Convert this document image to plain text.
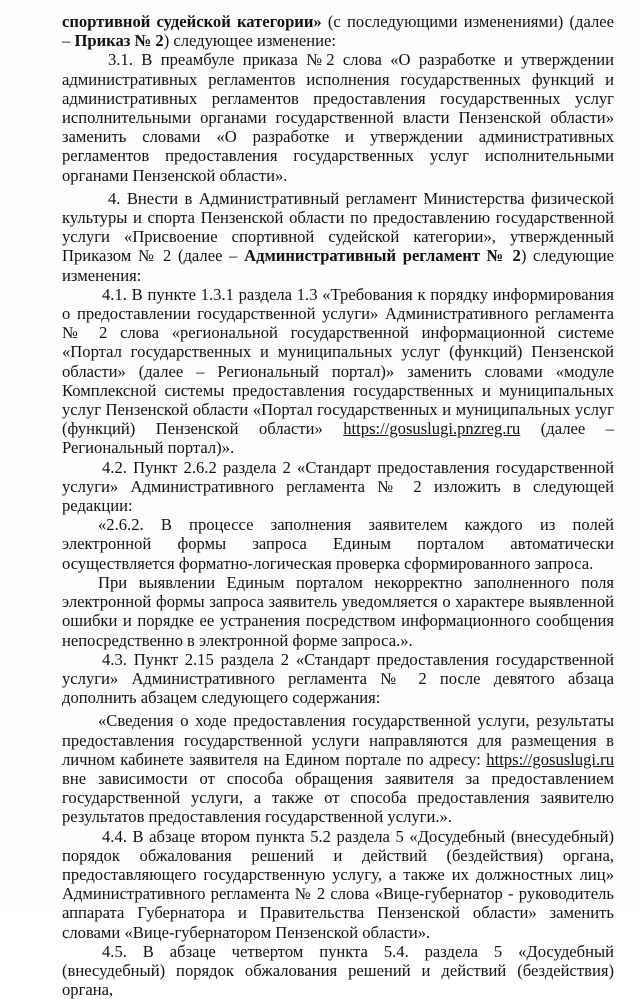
спортивной судейской категории» (с последующими изменениями) (далее – Приказ № 2) следующее изменение:

3.1. В преамбуле приказа №2 слова «О разработке и утверждении административных регламентов исполнения государственных функций и административных регламентов предоставления государственных услуг исполнительными органами государственной власти Пензенской области» заменить словами «О разработке и утверждении административных регламентов предоставления государственных услуг исполнительными органами Пензенской области».

4. Внести в Административный регламент Министерства физической культуры и спорта Пензенской области по предоставлению государственной услуги «Присвоение спортивной судейской категории», утвержденный Приказом № 2 (далее – Административный регламент № 2) следующие изменения:

4.1. В пункте 1.3.1 раздела 1.3 «Требования к порядку информирования о предоставлении государственной услуги» Административного регламента № 2 слова «региональной государственной информационной системе «Портал государственных и муниципальных услуг (функций) Пензенской области» (далее – Региональный портал)» заменить словами «модуле Комплексной системы предоставления государственных и муниципальных услуг Пензенской области «Портал государственных и муниципальных услуг (функций) Пензенской области» https://gosuslugi.pnzreg.ru (далее – Региональный портал)».

4.2. Пункт 2.6.2 раздела 2 «Стандарт предоставления государственной услуги» Административного регламента № 2 изложить в следующей редакции:

«2.6.2. В процессе заполнения заявителем каждого из полей электронной формы запроса Единым порталом автоматически осуществляется форматно-логическая проверка сформированного запроса.

При выявлении Единым порталом некорректно заполненного поля электронной формы запроса заявитель уведомляется о характере выявленной ошибки и порядке ее устранения посредством информационного сообщения непосредственно в электронной форме запроса.».

4.3. Пункт 2.15 раздела 2 «Стандарт предоставления государственной услуги» Административного регламента № 2 после девятого абзаца дополнить абзацем следующего содержания:

«Сведения о ходе предоставления государственной услуги, результаты предоставления государственной услуги направляются для размещения в личном кабинете заявителя на Едином портале по адресу: https://gosuslugi.ru вне зависимости от способа обращения заявителя за предоставлением государственной услуги, а также от способа предоставления заявителю результатов предоставления государственной услуги.».

4.4. В абзаце втором пункта 5.2 раздела 5 «Досудебный (внесудебный) порядок обжалования решений и действий (бездействия) органа, предоставляющего государственную услугу, а также их должностных лиц» Административного регламента № 2 слова «Вице-губернатор - руководитель аппарата Губернатора и Правительства Пензенской области» заменить словами «Вице-губернатором Пензенской области».

4.5. В абзаце четвертом пункта 5.4. раздела 5 «Досудебный (внесудебный) порядок обжалования решений и действий (бездействия) органа,
